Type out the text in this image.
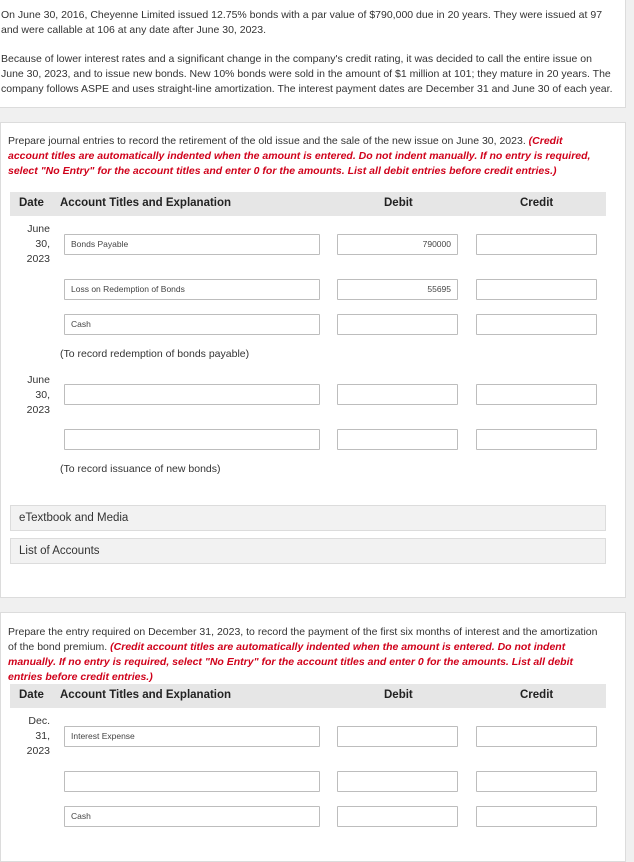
On June 30, 2016, Cheyenne Limited issued 12.75% bonds with a par value of $790,000 due in 20 years. They were issued at 97 and were callable at 106 at any date after June 30, 2023.
Because of lower interest rates and a significant change in the company's credit rating, it was decided to call the entire issue on June 30, 2023, and to issue new bonds. New 10% bonds were sold in the amount of $1 million at 101; they mature in 20 years. The company follows ASPE and uses straight-line amortization. The interest payment dates are December 31 and June 30 of each year.
Prepare journal entries to record the retirement of the old issue and the sale of the new issue on June 30, 2023. (Credit account titles are automatically indented when the amount is entered. Do not indent manually. If no entry is required, select "No Entry" for the account titles and enter 0 for the amounts. List all debit entries before credit entries.)
Date Account Titles and Explanation	Debit	Credit
June
30,
2023
Bonds Payable	790000
Loss on Redemption of Bonds	55695
Cash
(To record redemption of bonds payable)
June
30,
2023
(To record issuance of new bonds)
eTextbook and Media
List of Accounts
Prepare the entry required on December 31, 2023, to record the payment of the first six months of interest and the amortization of the bond premium. (Credit account titles are automatically indented when the amount is entered. Do not indent manually. If no entry is required, select "No Entry" for the account titles and enter 0 for the amounts. List all debit entries before credit entries.)
Date Account Titles and Explanation	Debit	Credit
Dec.
31,
2023
Interest Expense
Cash
